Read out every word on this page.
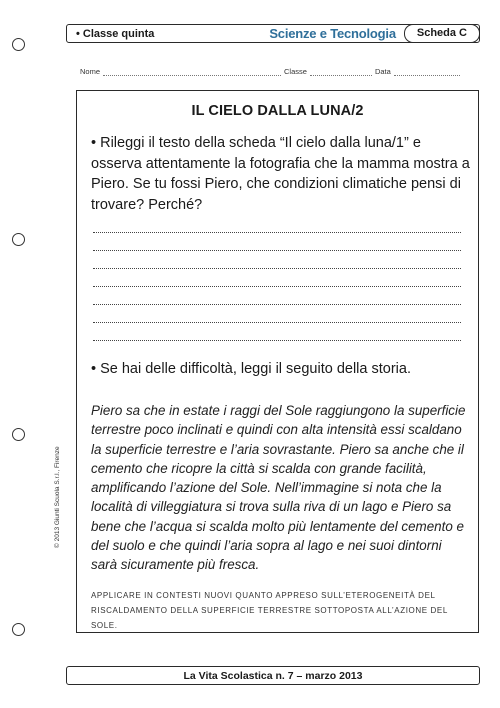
• Classe quinta	Scienze e Tecnologia	Scheda C
Nome	Classe	Data
IL CIELO DALLA LUNA/2
• Rileggi il testo della scheda “Il cielo dalla luna/1” e osserva attentamente la fotografia che la mamma mostra a Piero. Se tu fossi Piero, che condizioni climatiche pensi di trovare? Perché?
• Se hai delle difficoltà, leggi il seguito della storia.
Piero sa che in estate i raggi del Sole raggiungono la superficie terrestre poco inclinati e quindi con alta intensità essi scaldano la superficie terrestre e l’aria sovrastante. Piero sa anche che il cemento che ricopre la città si scalda con grande facilità, amplificando l’azione del Sole. Nell’immagine si nota che la località di villeggiatura si trova sulla riva di un lago e Piero sa bene che l’acqua si scalda molto più lentamente del cemento e del suolo e che quindi l’aria sopra al lago e nei suoi dintorni sarà sicuramente più fresca.
APPLICARE IN CONTESTI NUOVI QUANTO APPRESO SULL’ETEROGENEITÀ DEL RISCALDAMENTO DELLA SUPERFICIE TERRESTRE SOTTOPOSTA ALL’AZIONE DEL SOLE.
© 2013 Giunti Scuola S.r.l., Firenze
La Vita Scolastica n. 7 – marzo 2013
